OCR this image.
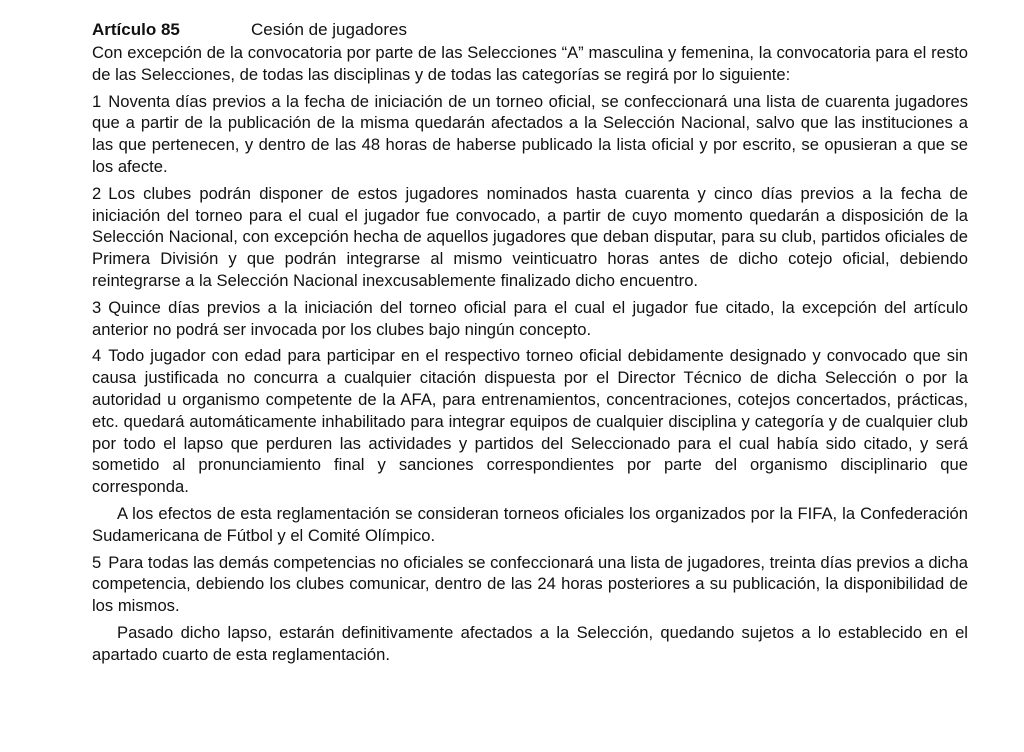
Artículo 85	Cesión de jugadores

Con excepción de la convocatoria por parte de las Selecciones “A” masculina y femenina, la convocatoria para el resto de las Selecciones, de todas las disciplinas y de todas las categorías se regirá por lo siguiente:

1 Noventa días previos a la fecha de iniciación de un torneo oficial, se confeccionará una lista de cuarenta jugadores que a partir de la publicación de la misma quedarán afectados a la Selección Nacional, salvo que las instituciones a las que pertenecen, y dentro de las 48 horas de haberse publicado la lista oficial y por escrito, se opusieran a que se los afecte.

2 Los clubes podrán disponer de estos jugadores nominados hasta cuarenta y cinco días previos a la fecha de iniciación del torneo para el cual el jugador fue convocado, a partir de cuyo momento quedarán a disposición de la Selección Nacional, con excepción hecha de aquellos jugadores que deban disputar, para su club, partidos oficiales de Primera División y que podrán integrarse al mismo veinticuatro horas antes de dicho cotejo oficial, debiendo reintegrarse a la Selección Nacional inexcusablemente finalizado dicho encuentro.

3 Quince días previos a la iniciación del torneo oficial para el cual el jugador fue citado, la excepción del artículo anterior no podrá ser invocada por los clubes bajo ningún concepto.

4 Todo jugador con edad para participar en el respectivo torneo oficial debidamente designado y convocado que sin causa justificada no concurra a cualquier citación dispuesta por el Director Técnico de dicha Selección o por la autoridad u organismo competente de la AFA, para entrenamientos, concentraciones, cotejos concertados, prácticas, etc. quedará automáticamente inhabilitado para integrar equipos de cualquier disciplina y categoría y de cualquier club por todo el lapso que perduren las actividades y partidos del Seleccionado para el cual había sido citado, y será sometido al pronunciamiento final y sanciones correspondientes por parte del organismo disciplinario que corresponda.

A los efectos de esta reglamentación se consideran torneos oficiales los organizados por la FIFA, la Confederación Sudamericana de Fútbol y el Comité Olímpico.

5 Para todas las demás competencias no oficiales se confeccionará una lista de jugadores, treinta días previos a dicha competencia, debiendo los clubes comunicar, dentro de las 24 horas posteriores a su publicación, la disponibilidad de los mismos.

Pasado dicho lapso, estarán definitivamente afectados a la Selección, quedando sujetos a lo establecido en el apartado cuarto de esta reglamentación.
